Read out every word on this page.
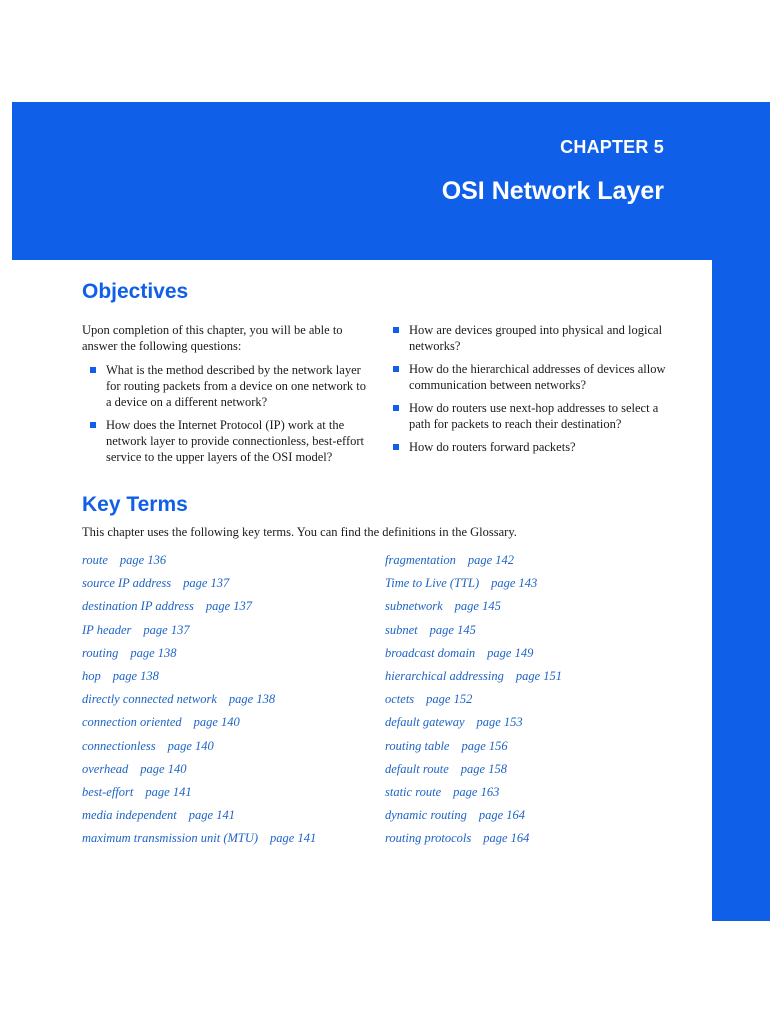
CHAPTER 5
OSI Network Layer
Objectives

Upon completion of this chapter, you will be able to answer the following questions:

What is the method described by the network layer for routing packets from a device on one network to a device on a different network?
How does the Internet Protocol (IP) work at the network layer to provide connectionless, best-effort service to the upper layers of the OSI model?
How are devices grouped into physical and logical networks?
How do the hierarchical addresses of devices allow communication between networks?
How do routers use next-hop addresses to select a path for packets to reach their destination?
How do routers forward packets?
Key Terms

This chapter uses the following key terms. You can find the definitions in the Glossary.

route page 136
source IP address page 137
destination IP address page 137
IP header page 137
routing page 138
hop page 138
directly connected network page 138
connection oriented page 140
connectionless page 140
overhead page 140
best-effort page 141
media independent page 141
maximum transmission unit (MTU) page 141
fragmentation page 142
Time to Live (TTL) page 143
subnetwork page 145
subnet page 145
broadcast domain page 149
hierarchical addressing page 151
octets page 152
default gateway page 153
routing table page 156
default route page 158
static route page 163
dynamic routing page 164
routing protocols page 164
